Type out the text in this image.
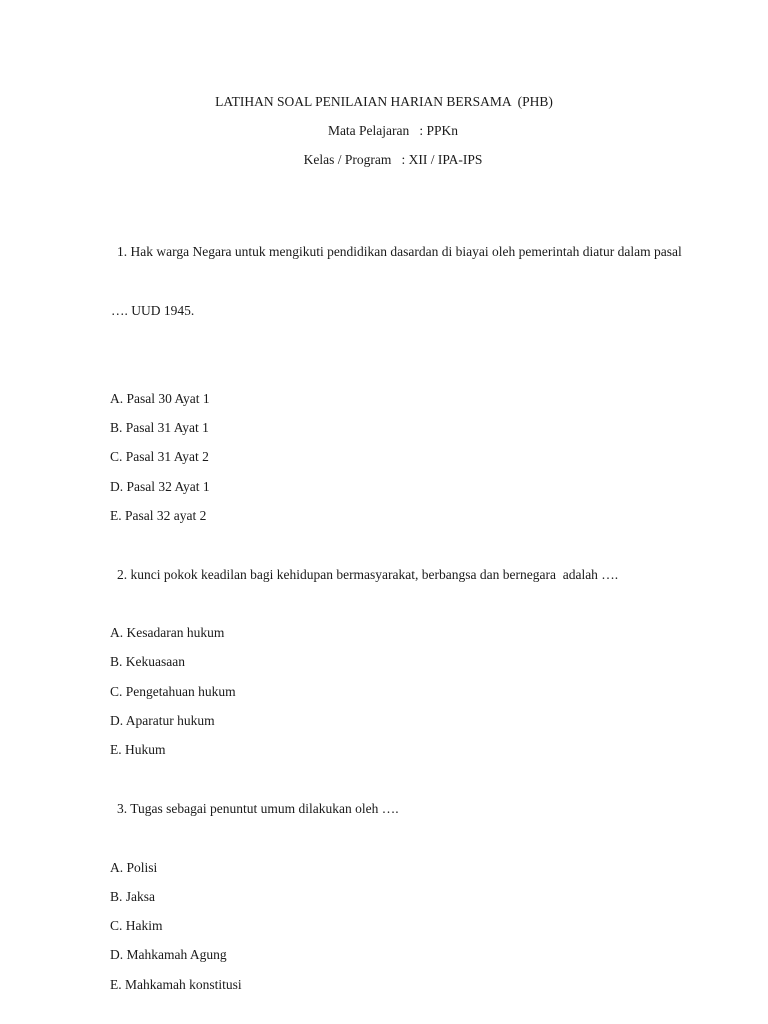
LATIHAN SOAL PENILAIAN HARIAN BERSAMA  (PHB)
Mata Pelajaran   : PPKn
Kelas / Program   : XII / IPA-IPS

1. Hak warga Negara untuk mengikuti pendidikan dasardan di biayai oleh pemerintah diatur dalam pasal

…. UUD 1945.

A. Pasal 30 Ayat 1
B. Pasal 31 Ayat 1
C. Pasal 31 Ayat 2
D. Pasal 32 Ayat 1
E. Pasal 32 ayat 2

2. kunci pokok keadilan bagi kehidupan bermasyarakat, berbangsa dan bernegara  adalah ….

A. Kesadaran hukum
B. Kekuasaan
C. Pengetahuan hukum
D. Aparatur hukum
E. Hukum

3. Tugas sebagai penuntut umum dilakukan oleh ….

A. Polisi
B. Jaksa
C. Hakim
D. Mahkamah Agung
E. Mahkamah konstitusi
